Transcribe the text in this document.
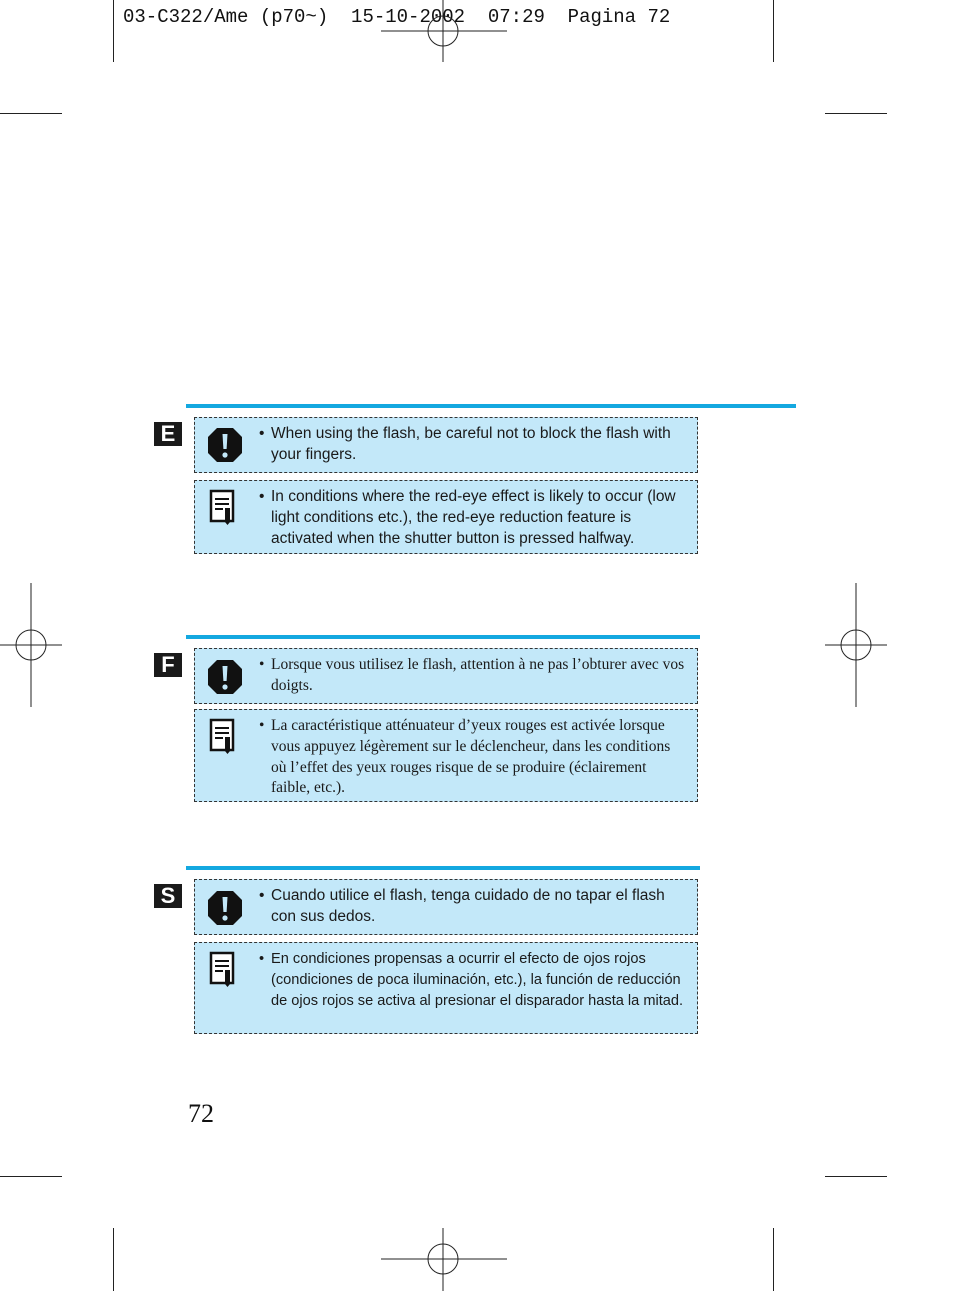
03-C322/Ame (p70~)  15-10-2002  07:29  Pagina 72
E	• When using the flash, be careful not to block the flash with your fingers.
• In conditions where the red-eye effect is likely to occur (low light conditions etc.), the red-eye reduction feature is activated when the shutter button is pressed halfway.
F	• Lorsque vous utilisez le flash, attention à ne pas l’obturer avec vos doigts.
• La caractéristique atténuateur d’yeux rouges est activée lorsque vous appuyez légèrement sur le déclencheur, dans les conditions où l’effet des yeux rouges risque de se produire (éclairement faible, etc.).
S	• Cuando utilice el flash, tenga cuidado de no tapar el flash con sus dedos.
• En condiciones propensas a ocurrir el efecto de ojos rojos (condiciones de poca iluminación, etc.), la función de reducción de ojos rojos se activa al presionar el disparador hasta la mitad.
72
